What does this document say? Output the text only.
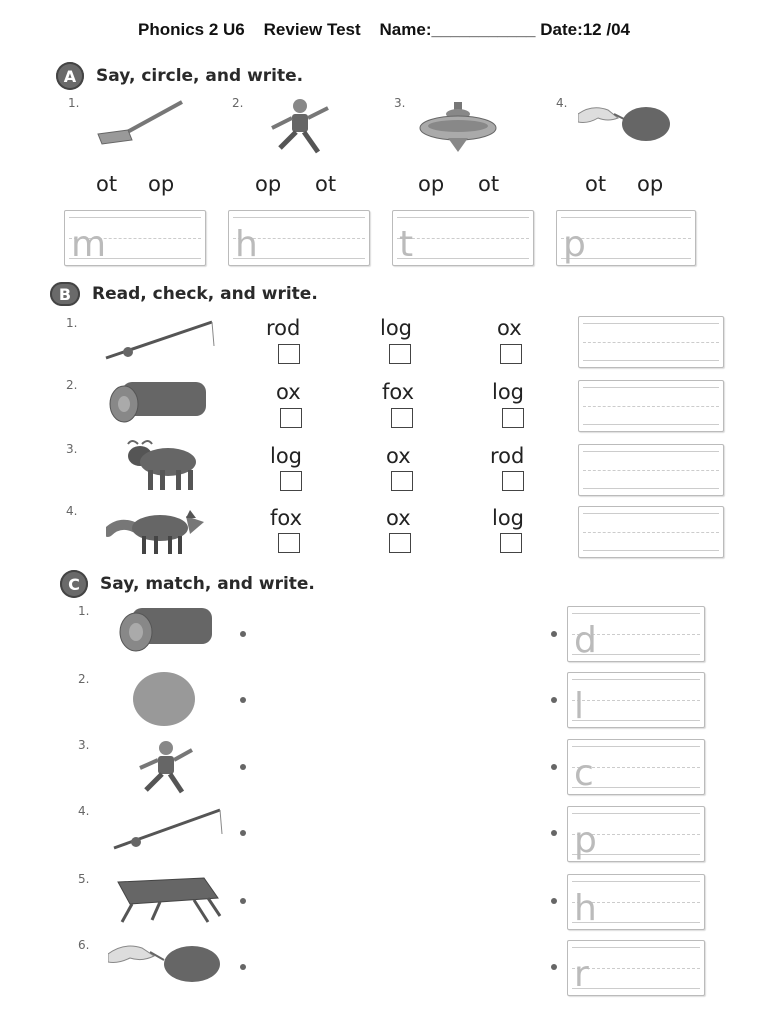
Phonics 2 U6    Review Test    Name:___________ Date:12 /04
A	Say, circle, and write.
1.	2.	3.	4.
ot op	op ot	op ot	ot op
m	h	t	p
B	Read, check, and write.
1.	rod	log	ox
2.	ox	fox	log
3.	log	ox	rod
4.	fox	ox	log
C	Say, match, and write.
1.
d
2.
l
3.
c
4.
p
5.
h
6.
r
